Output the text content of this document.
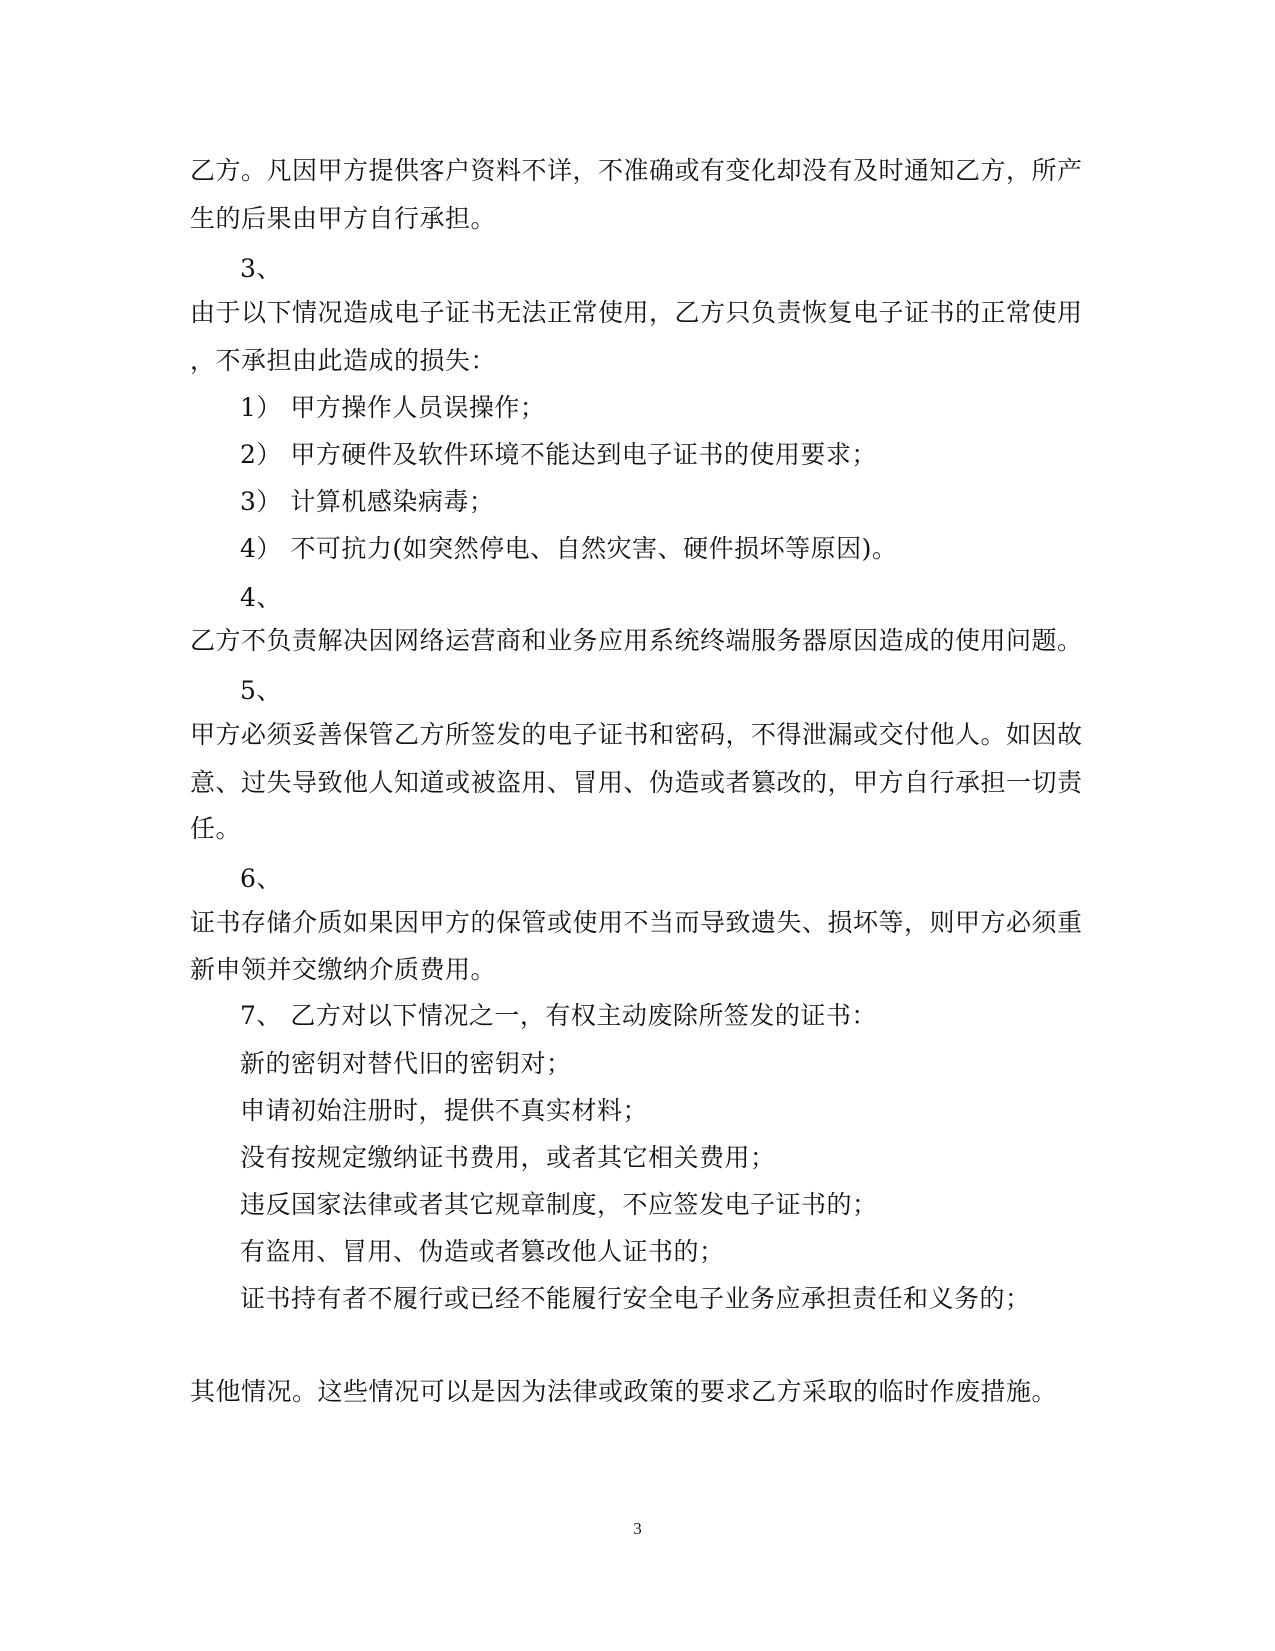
乙方。凡因甲方提供客户资料不详，不准确或有变化却没有及时通知乙方，所产
生的后果由甲方自行承担。
3、
由于以下情况造成电子证书无法正常使用，乙方只负责恢复电子证书的正常使用
，不承担由此造成的损失：
1） 甲方操作人员误操作；
2） 甲方硬件及软件环境不能达到电子证书的使用要求；
3） 计算机感染病毒；
4） 不可抗力(如突然停电、自然灾害、硬件损坏等原因)。
4、
乙方不负责解决因网络运营商和业务应用系统终端服务器原因造成的使用问题。
5、
甲方必须妥善保管乙方所签发的电子证书和密码，不得泄漏或交付他人。如因故
意、过失导致他人知道或被盗用、冒用、伪造或者篡改的，甲方自行承担一切责
任。
6、
证书存储介质如果因甲方的保管或使用不当而导致遗失、损坏等，则甲方必须重
新申领并交缴纳介质费用。
7、 乙方对以下情况之一，有权主动废除所签发的证书：
新的密钥对替代旧的密钥对；
申请初始注册时，提供不真实材料；
没有按规定缴纳证书费用，或者其它相关费用；
违反国家法律或者其它规章制度，不应签发电子证书的；
有盗用、冒用、伪造或者篡改他人证书的；
证书持有者不履行或已经不能履行安全电子业务应承担责任和义务的；
其他情况。这些情况可以是因为法律或政策的要求乙方采取的临时作废措施。
3
